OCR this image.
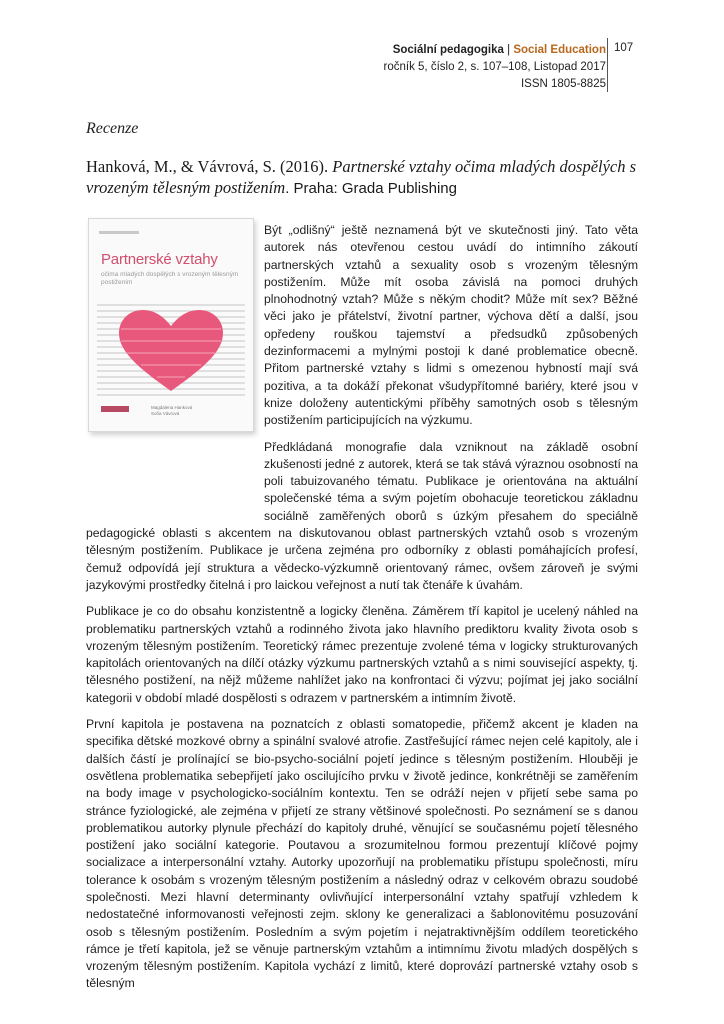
Sociální pedagogika | Social Education
ročník 5, číslo 2, s. 107–108, Listopad 2017
ISSN 1805-8825
107
Recenze
Hanková, M., & Vávrová, S. (2016). Partnerské vztahy očima mladých dospělých s vrozeným tělesným postižením. Praha: Grada Publishing
Partnerské vztahy
očima mladých dospělých s vrozeným tělesným postižením
Magdalena Hanková
Soňa Vávrová

Být „odlišný“ ještě neznamená být ve skutečnosti jiný. Tato věta autorek nás otevřenou cestou uvádí do intimního zákoutí partnerských vztahů a sexuality osob s vrozeným tělesným postižením. Může mít osoba závislá na pomoci druhých plnohodnotný vztah? Může s někým chodit? Může mít sex? Běžné věci jako je přátelství, životní partner, výchova dětí a další, jsou opředeny rouškou tajemství a předsudků způsobených dezinformacemi a mylnými postoji k dané problematice obecně. Přitom partnerské vztahy s lidmi s omezenou hybností mají svá pozitiva, a ta dokáží překonat všudypřítomné bariéry, které jsou v knize doloženy autentickými příběhy samotných osob s tělesným postižením participujících na výzkumu.

Předkládaná monografie dala vzniknout na základě osobní zkušenosti jedné z autorek, která se tak stává výraznou osobností na poli tabuizovaného tématu. Publikace je orientována na aktuální společenské téma a svým pojetím obohacuje teoretickou základnu sociálně zaměřených oborů s úzkým přesahem do speciálně pedagogické oblasti s akcentem na diskutovanou oblast partnerských vztahů osob s vrozeným tělesným postižením. Publikace je určena zejména pro odborníky z oblasti pomáhajících profesí, čemuž odpovídá její struktura a vědecko-výzkumně orientovaný rámec, ovšem zároveň je svými jazykovými prostředky čitelná i pro laickou veřejnost a nutí tak čtenáře k úvahám.

Publikace je co do obsahu konzistentně a logicky členěna. Záměrem tří kapitol je ucelený náhled na problematiku partnerských vztahů a rodinného života jako hlavního prediktoru kvality života osob s vrozeným tělesným postižením. Teoretický rámec prezentuje zvolené téma v logicky strukturovaných kapitolách orientovaných na dílčí otázky výzkumu partnerských vztahů a s nimi související aspekty, tj. tělesného postižení, na nějž můžeme nahlížet jako na konfrontaci či výzvu; pojímat jej jako sociální kategorii v období mladé dospělosti s odrazem v partnerském a intimním životě.

První kapitola je postavena na poznatcích z oblasti somatopedie, přičemž akcent je kladen na specifika dětské mozkové obrny a spinální svalové atrofie. Zastřešující rámec nejen celé kapitoly, ale i dalších částí je prolínající se bio-psycho-sociální pojetí jedince s tělesným postižením. Hlouběji je osvětlena problematika sebepřijetí jako oscilujícího prvku v životě jedince, konkrétněji se zaměřením na body image v psychologicko-sociálním kontextu. Ten se odráží nejen v přijetí sebe sama po stránce fyziologické, ale zejména v přijetí ze strany většinové společnosti. Po seznámení se s danou problematikou autorky plynule přechází do kapitoly druhé, věnující se současnému pojetí tělesného postižení jako sociální kategorie. Poutavou a srozumitelnou formou prezentují klíčové pojmy socializace a interpersonální vztahy. Autorky upozorňují na problematiku přístupu společnosti, míru tolerance k osobám s vrozeným tělesným postižením a následný odraz v celkovém obrazu soudobé společnosti. Mezi hlavní determinanty ovlivňující interpersonální vztahy spatřují vzhledem k nedostatečné informovanosti veřejnosti zejm. sklony ke generalizaci a šablonovitému posuzování osob s tělesným postižením. Posledním a svým pojetím i nejatraktivnějším oddílem teoretického rámce je třetí kapitola, jež se věnuje partnerským vztahům a intimnímu životu mladých dospělých s vrozeným tělesným postižením. Kapitola vychází z limitů, které doprovází partnerské vztahy osob s tělesným
